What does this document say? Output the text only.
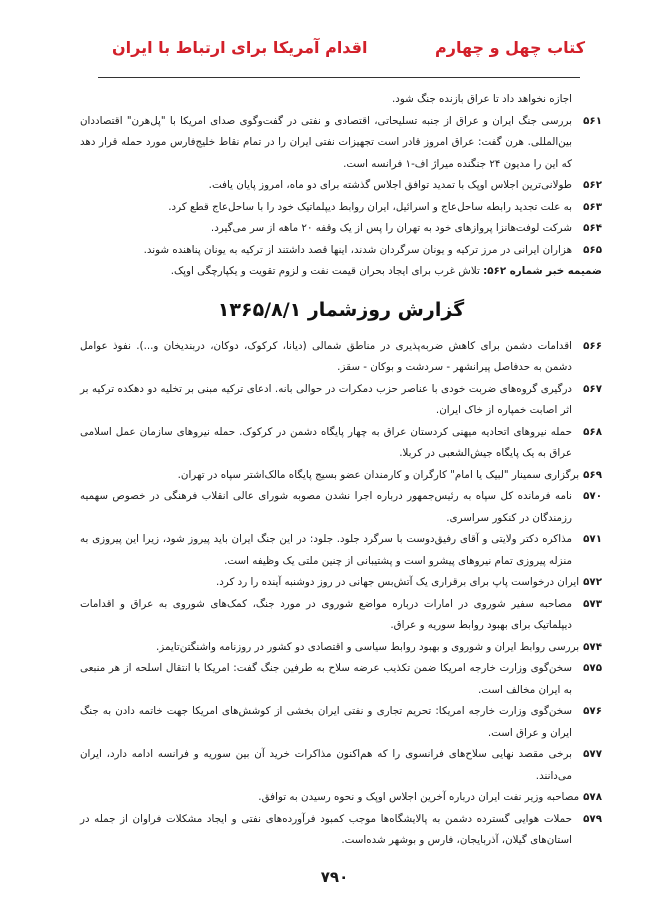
کتاب چهل و چهارم
اقدام آمریکا برای ارتباط با ایران
اجازه نخواهد داد تا عراق بازنده جنگ شود.
۵۶۱
بررسی جنگ ایران و عراق از جنبه تسلیحاتی، اقتصادی و نفتی در گفت‌وگوی صدای امریکا با "پل‌هرن" اقتصاددان بین‌المللی. هرن گفت: عراق امروز قادر است تجهیزات نفتی ایران را در تمام نقاط خلیج‌فارس مورد حمله قرار دهد که این را مدیون ۲۴ جنگنده میراژ اف-۱ فرانسه است.
۵۶۲
طولانی‌ترین اجلاس اوپک با تمدید توافق اجلاس گذشته برای دو ماه، امروز پایان یافت.
۵۶۳
به علت تجدید رابطه ساحل‌عاج و اسرائیل، ایران روابط دیپلماتیک خود را با ساحل‌عاج قطع کرد.
۵۶۴
شرکت لوفت‌هانزا پروازهای خود به تهران را پس از یک وقفه ۲۰ ماهه از سر می‌گیرد.
۵۶۵
هزاران ایرانی در مرز ترکیه و یونان سرگردان شدند، اینها قصد داشتند از ترکیه به یونان پناهنده شوند.
ضمیمه خبر شماره ۵۶۲: تلاش غرب برای ایجاد بحران قیمت نفت و لزوم تقویت و یکپارچگی اوپک.
گزارش روزشمار ۱۳۶۵/۸/۱
۵۶۶
اقدامات دشمن برای کاهش ضربه‌پذیری در مناطق شمالی (دیانا، کرکوک، دوکان، دربندیخان و...). نفوذ عوامل دشمن به حدفاصل پیرانشهر - سردشت و بوکان - سقز.
۵۶۷
درگیری گروه‌های ضربت خودی با عناصر حزب دمکرات در حوالی بانه. ادعای ترکیه مبنی بر تخلیه دو دهکده ترکیه بر اثر اصابت خمپاره از خاک ایران.
۵۶۸
حمله نیروهای اتحادیه میهنی کردستان عراق به چهار پایگاه دشمن در کرکوک. حمله نیروهای سازمان عمل اسلامی عراق به یک پایگاه جیش‌الشعبی در کربلا.
۵۶۹برگزاری سمینار "لبیک یا امام" کارگران و کارمندان عضو بسیج پایگاه مالک‌اشتر سپاه در تهران.
۵۷۰
نامه فرمانده کل سپاه به رئیس‌جمهور درباره اجرا نشدن مصوبه شورای عالی انقلاب فرهنگی در خصوص سهمیه رزمندگان در کنکور سراسری.
۵۷۱
مذاکره دکتر ولایتی و آقای رفیق‌دوست با سرگرد جلود. جلود: در این جنگ ایران باید پیروز شود، زیرا این پیروزی به منزله پیروزی تمام نیروهای پیشرو است و پشتیبانی از چنین ملتی یک وظیفه است.
۵۷۲ایران درخواست پاپ برای برقراری یک آتش‌بس جهانی در روز دوشنبه آینده را رد کرد.
۵۷۳
مصاحبه سفیر شوروی در امارات درباره مواضع شوروی در مورد جنگ، کمک‌های شوروی به عراق و اقدامات دیپلماتیک برای بهبود روابط سوریه و عراق.
۵۷۴بررسی روابط ایران و شوروی و بهبود روابط سیاسی و اقتصادی دو کشور در روزنامه واشنگتن‌تایمز.
۵۷۵
سخن‌گوی وزارت خارجه امریکا ضمن تکذیب عرضه سلاح به طرفین جنگ گفت: امریکا با انتقال اسلحه از هر منبعی به ایران مخالف است.
۵۷۶
سخن‌گوی وزارت خارجه امریکا: تحریم تجاری و نفتی ایران بخشی از کوشش‌های امریکا جهت خاتمه دادن به جنگ ایران و عراق است.
۵۷۷
برخی مقصد نهایی سلاح‌های فرانسوی را که هم‌اکنون مذاکرات خرید آن بین سوریه و فرانسه ادامه دارد، ایران می‌دانند.
۵۷۸مصاحبه وزیر نفت ایران درباره آخرین اجلاس اوپک و نحوه رسیدن به توافق.
۵۷۹
حملات هوایی گسترده دشمن به پالایشگاه‌ها موجب کمبود فرآورده‌های نفتی و ایجاد مشکلات فراوان از جمله در استان‌های گیلان، آذربایجان، فارس و بوشهر شده‌است.
۷۹۰
